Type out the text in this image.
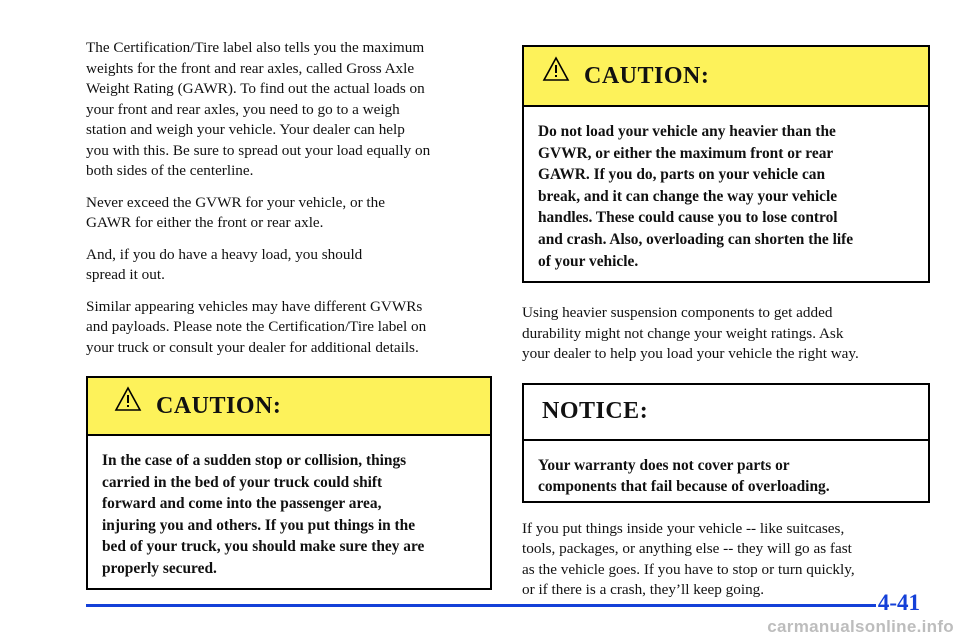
The Certification/Tire label also tells you the maximum
weights for the front and rear axles, called Gross Axle
Weight Rating (GAWR). To find out the actual loads on
your front and rear axles, you need to go to a weigh
station and weigh your vehicle. Your dealer can help
you with this. Be sure to spread out your load equally on
both sides of the centerline.

Never exceed the GVWR for your vehicle, or the
GAWR for either the front or rear axle.

And, if you do have a heavy load, you should
spread it out.

Similar appearing vehicles may have different GVWRs
and payloads. Please note the Certification/Tire label on
your truck or consult your dealer for additional details.

CAUTION:
In the case of a sudden stop or collision, things
carried in the bed of your truck could shift
forward and come into the passenger area,
injuring you and others. If you put things in the
bed of your truck, you should make sure they are
properly secured.
CAUTION:
Do not load your vehicle any heavier than the
GVWR, or either the maximum front or rear
GAWR. If you do, parts on your vehicle can
break, and it can change the way your vehicle
handles. These could cause you to lose control
and crash. Also, overloading can shorten the life
of your vehicle.

Using heavier suspension components to get added
durability might not change your weight ratings. Ask
your dealer to help you load your vehicle the right way.

NOTICE:
Your warranty does not cover parts or
components that fail because of overloading.

If you put things inside your vehicle -- like suitcases,
tools, packages, or anything else -- they will go as fast
as the vehicle goes. If you have to stop or turn quickly,
or if there is a crash, they’ll keep going.

4-41
carmanualsonline.info
